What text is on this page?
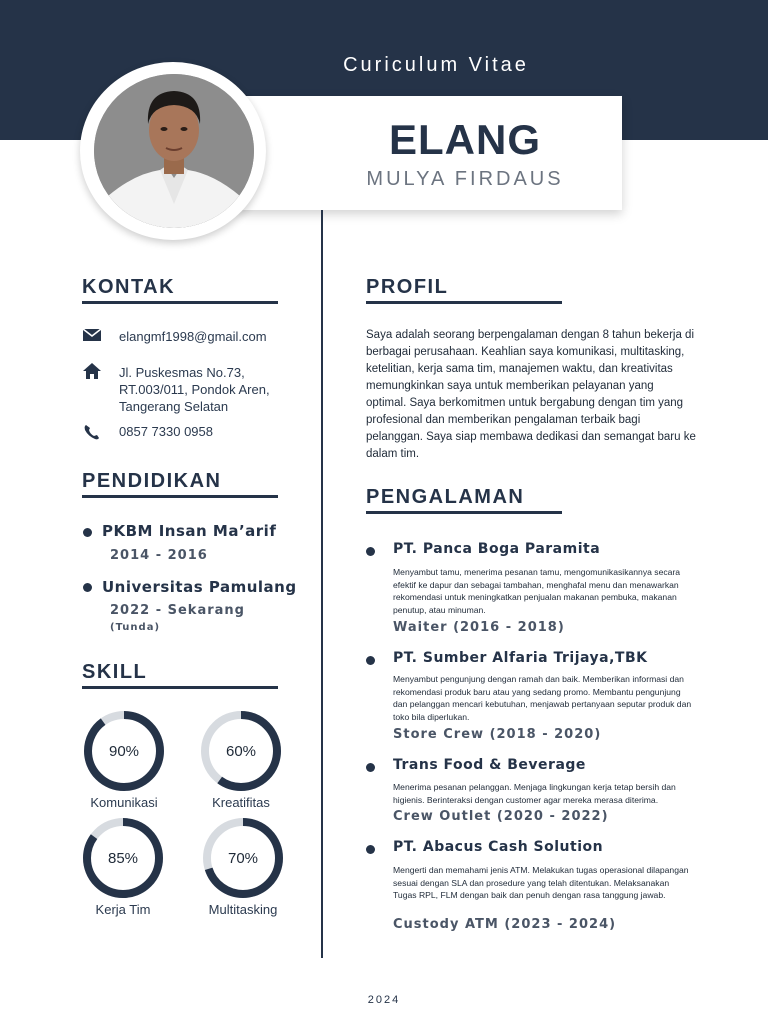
Curiculum Vitae
ELANG
MULYA FIRDAUS
KONTAK
elangmf1998@gmail.com
Jl. Puskesmas No.73, RT.003/011, Pondok Aren, Tangerang Selatan
0857 7330 0958
PENDIDIKAN
PKBM Insan Ma’arif
2014 - 2016
Universitas Pamulang
2022 - Sekarang
(Tunda)
SKILL
90%
Komunikasi
60%
Kreatifitas
85%
Kerja Tim
70%
Multitasking
PROFIL
Saya adalah seorang berpengalaman dengan 8 tahun bekerja di berbagai perusahaan. Keahlian saya komunikasi, multitasking, ketelitian, kerja sama tim, manajemen waktu, dan kreativitas memungkinkan saya untuk memberikan pelayanan yang optimal. Saya berkomitmen untuk bergabung dengan tim yang profesional dan memberikan pengalaman terbaik bagi pelanggan. Saya siap membawa dedikasi dan semangat baru ke dalam tim.
PENGALAMAN
PT. Panca Boga Paramita
Menyambut tamu, menerima pesanan tamu, mengomunikasikannya secara efektif ke dapur dan sebagai tambahan, menghafal menu dan menawarkan rekomendasi untuk meningkatkan penjualan makanan pembuka, makanan penutup, atau minuman.
Waiter (2016 - 2018)
PT. Sumber Alfaria Trijaya,TBK
Menyambut pengunjung dengan ramah dan baik. Memberikan informasi dan rekomendasi produk baru atau yang sedang promo. Membantu pengunjung dan pelanggan mencari kebutuhan, menjawab pertanyaan seputar produk dan toko bila diperlukan.
Store Crew (2018 - 2020)
Trans Food & Beverage
Menerima pesanan pelanggan. Menjaga lingkungan kerja tetap bersih dan higienis. Berinteraksi dengan customer agar mereka merasa diterima.
Crew Outlet (2020 - 2022)
PT. Abacus Cash Solution
Mengerti dan memahami jenis ATM. Melakukan tugas operasional dilapangan sesuai dengan SLA dan prosedure yang telah ditentukan. Melaksanakan Tugas RPL, FLM dengan baik dan penuh dengan rasa tanggung jawab.
Custody ATM (2023 - 2024)
2024
